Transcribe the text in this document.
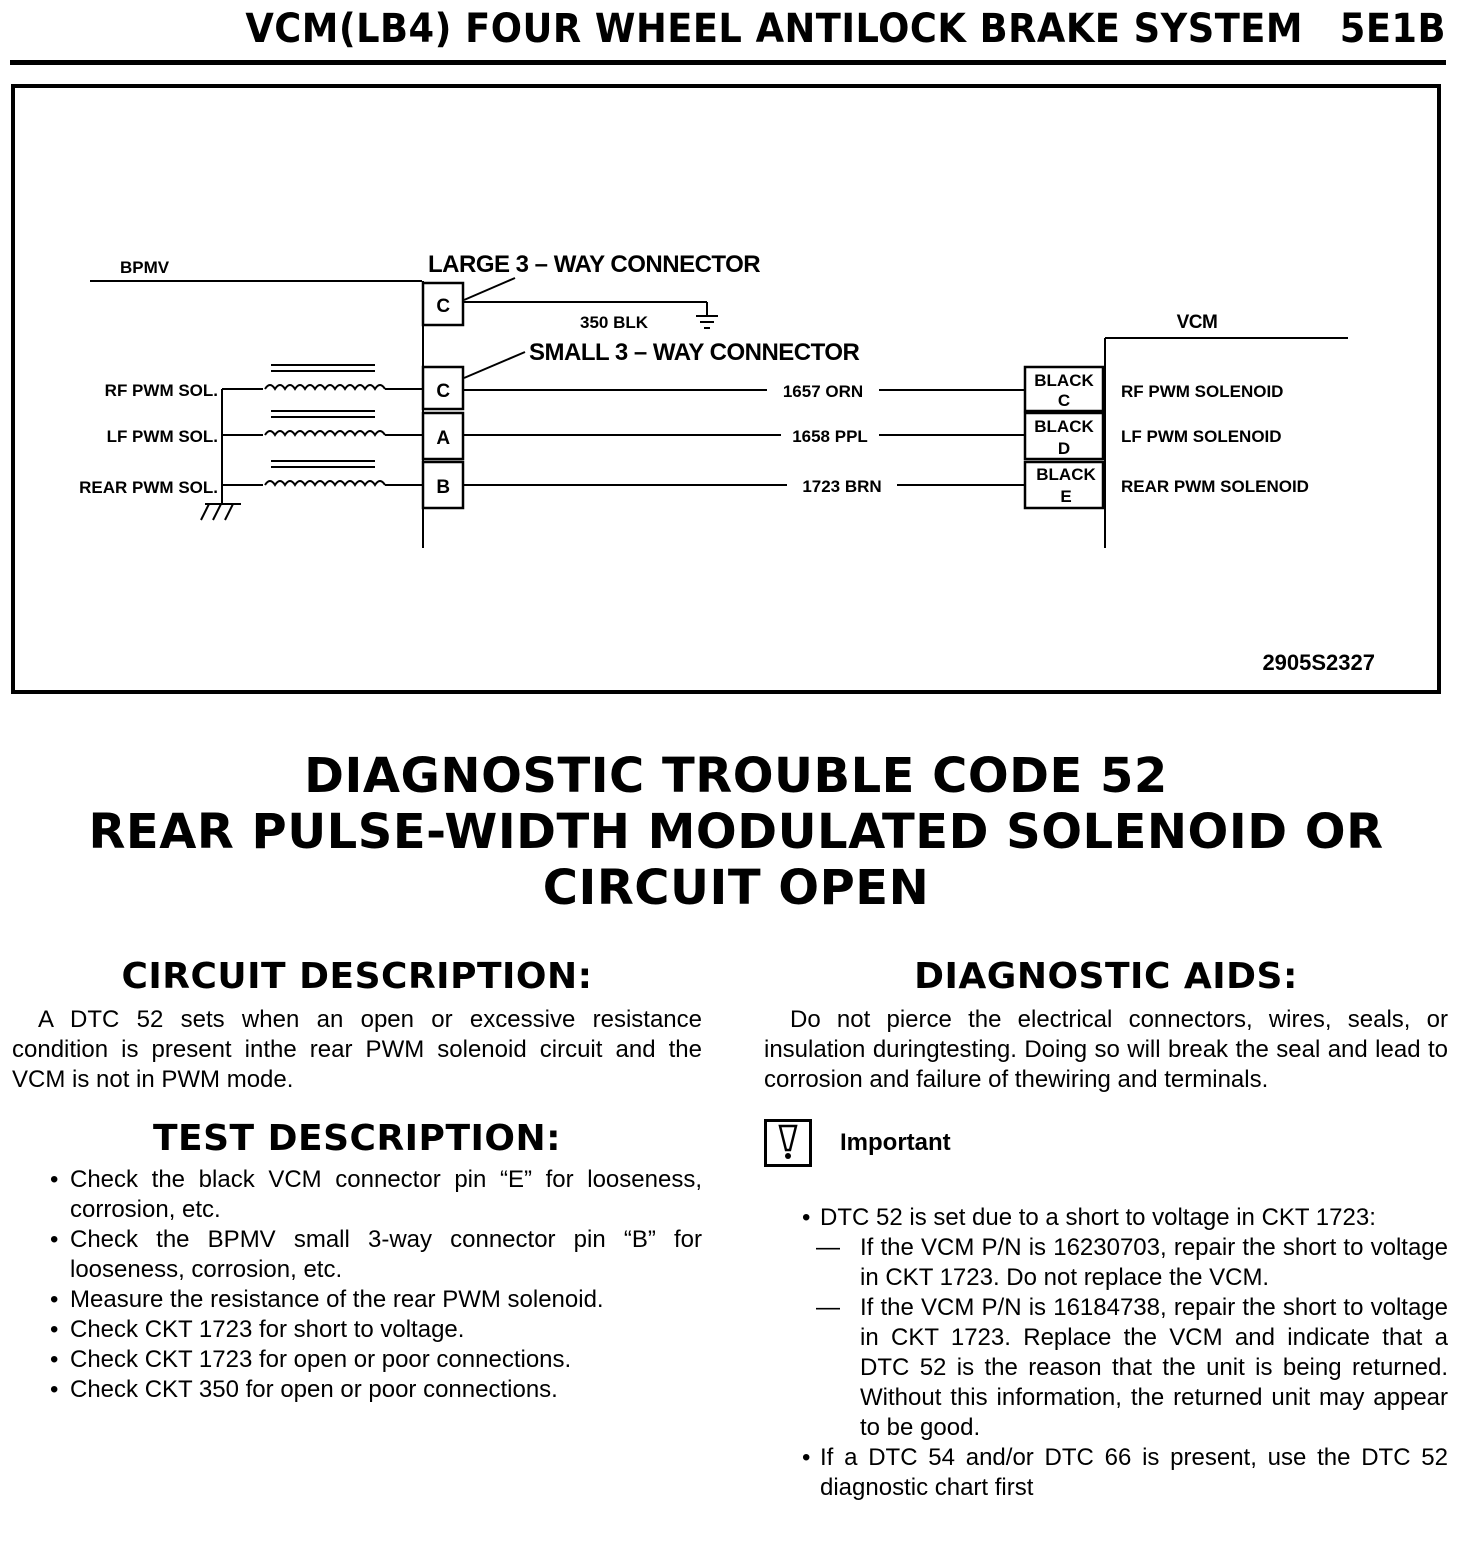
VCM(LB4) FOUR WHEEL ANTILOCK BRAKE SYSTEM 5E1B
BPMV	LARGE 3 – WAY CONNECTOR
C
350 BLK
SMALL 3 – WAY CONNECTOR
VCM
C
A
B
RF PWM SOL.
LF PWM SOL.
REAR PWM SOL.
1657 ORN
1658 PPL
1723 BRN
BLACK
C
BLACK
D
BLACK
E
RF PWM SOLENOID
LF PWM SOLENOID
REAR PWM SOLENOID
2905S2327
DIAGNOSTIC TROUBLE CODE 52
REAR PULSE-WIDTH MODULATED SOLENOID OR
CIRCUIT OPEN
CIRCUIT DESCRIPTION:

A DTC 52 sets when an open or excessive resistance condition is present inthe rear PWM solenoid circuit and the VCM is not in PWM mode.

TEST DESCRIPTION:
• Check the black VCM connector pin “E” for looseness, corrosion, etc.
• Check the BPMV small 3-way connector pin “B” for looseness, corrosion, etc.
• Measure the resistance of the rear PWM solenoid.
• Check CKT 1723 for short to voltage.
• Check CKT 1723 for open or poor connections.
• Check CKT 350 for open or poor connections.
DIAGNOSTIC AIDS:

Do not pierce the electrical connectors, wires, seals, or insulation duringtesting. Doing so will break the seal and lead to corrosion and failure of thewiring and terminals.

Important
• DTC 52 is set due to a short to voltage in CKT 1723:
— If the VCM P/N is 16230703, repair the short to voltage in CKT 1723. Do not replace the VCM.
— If the VCM P/N is 16184738, repair the short to voltage in CKT 1723. Replace the VCM and indicate that a DTC 52 is the reason that the unit is being returned. Without this information, the returned unit may appear to be good.
• If a DTC 54 and/or DTC 66 is present, use the DTC 52 diagnostic chart first
